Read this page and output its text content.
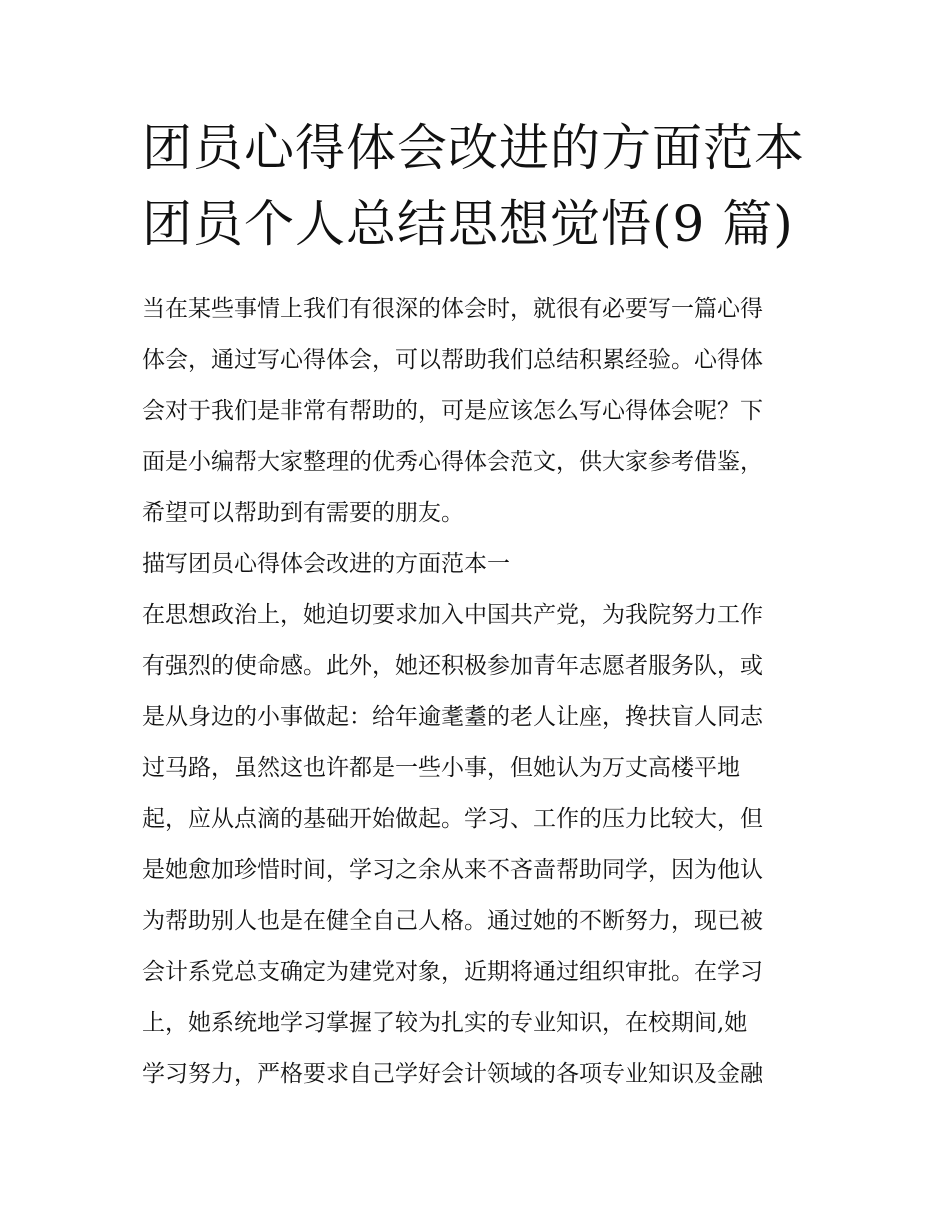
团员心得体会改进的方面范本
团员个人总结思想觉悟(9 篇)
当在某些事情上我们有很深的体会时，就很有必要写一篇心得
体会，通过写心得体会，可以帮助我们总结积累经验。心得体
会对于我们是非常有帮助的，可是应该怎么写心得体会呢？下
面是小编帮大家整理的优秀心得体会范文，供大家参考借鉴，
希望可以帮助到有需要的朋友。
描写团员心得体会改进的方面范本一
在思想政治上，她迫切要求加入中国共产党，为我院努力工作
有强烈的使命感。此外，她还积极参加青年志愿者服务队，或
是从身边的小事做起：给年逾耄耋的老人让座，搀扶盲人同志
过马路，虽然这也许都是一些小事，但她认为万丈高楼平地
起，应从点滴的基础开始做起。学习、工作的压力比较大，但
是她愈加珍惜时间，学习之余从来不吝啬帮助同学，因为他认
为帮助别人也是在健全自己人格。通过她的不断努力，现已被
会计系党总支确定为建党对象，近期将通过组织审批。在学习
上，她系统地学习掌握了较为扎实的专业知识，在校期间,她
学习努力，严格要求自己学好会计领域的各项专业知识及金融
